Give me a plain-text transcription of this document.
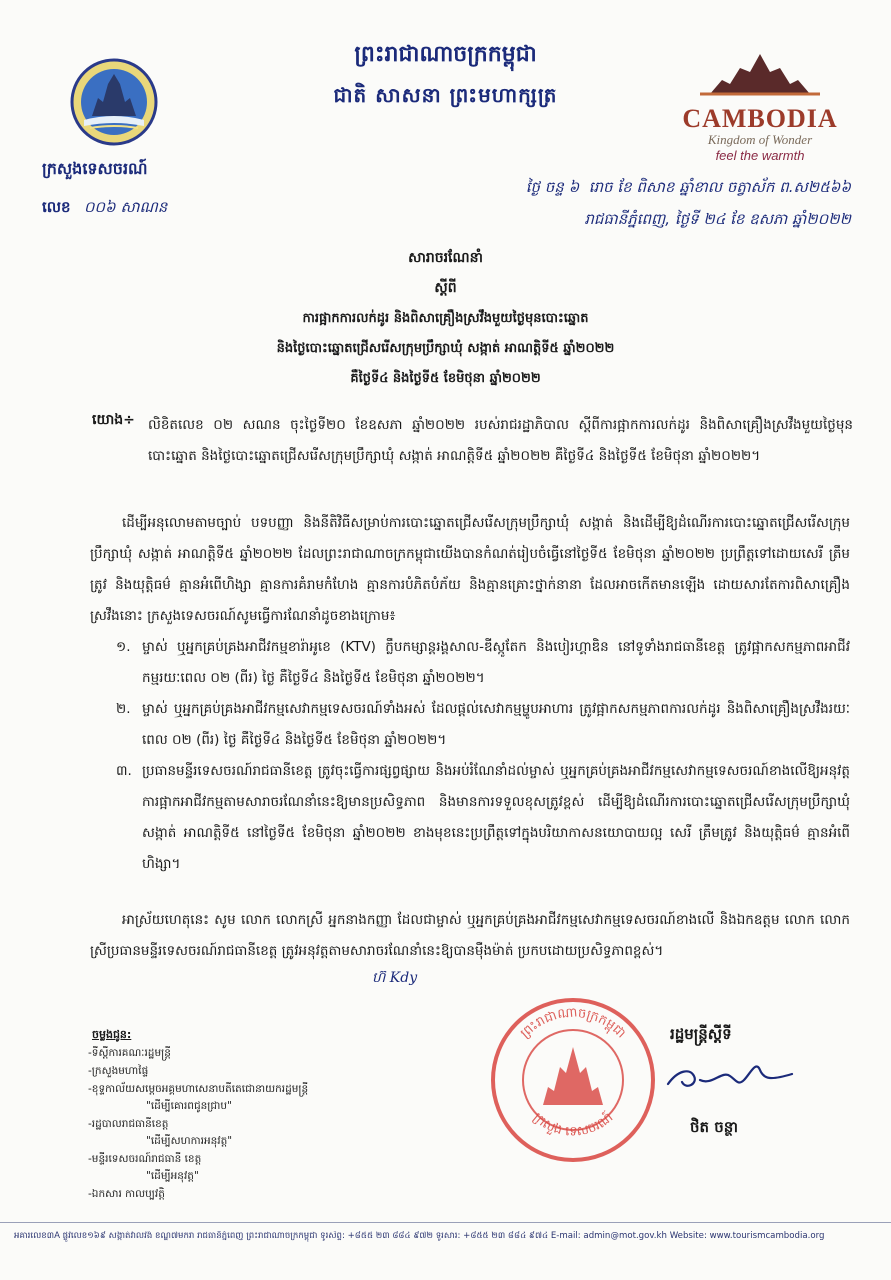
ព្រះរាជាណាចក្រកម្ពុជា
ជាតិ សាសនា ព្រះមហាក្សត្រ
ក្រសួងទេសចរណ៍
លេខ ០០៦ សាណន
CAMBODIA
Kingdom of Wonder
feel the warmth
ថ្ងៃ ចន្ទ ៦ ​ រោច ខែ ពិសាខ ឆ្នាំខាល ចត្វាស័ក ព.ស២៥៦៦
រាជធានីភ្នំពេញ, ថ្ងៃទី ២៤ ខែ ឧសភា ឆ្នាំ២០២២
សារាចរណែនាំ
ស្តីពី
ការផ្អាកការលក់ដូរ និងពិសាគ្រឿងស្រវឹងមួយថ្ងៃមុនបោះឆ្នោត
និងថ្ងៃបោះឆ្នោតជ្រើសរើសក្រុមប្រឹក្សាឃុំ សង្កាត់ អាណត្តិទី៥ ឆ្នាំ២០២២
គឺថ្ងៃទី៤ និងថ្ងៃទី៥ ខែមិថុនា ឆ្នាំ២០២២
យោង÷ លិខិតលេខ ០២ សណន ចុះថ្ងៃទី២០ ខែឧសភា ឆ្នាំ២០២២ របស់រាជរដ្ឋាភិបាល ស្តីពីការផ្អាកការលក់ដូរ និងពិសាគ្រឿងស្រវឹងមួយថ្ងៃមុនបោះឆ្នោត និងថ្ងៃបោះឆ្នោតជ្រើសរើសក្រុមប្រឹក្សាឃុំ សង្កាត់ អាណត្តិទី៥ ឆ្នាំ២០២២ គឺថ្ងៃទី៤ និងថ្ងៃទី៥ ខែមិថុនា ឆ្នាំ២០២២។
ដើម្បីអនុលោមតាមច្បាប់ បទបញ្ញា និងនីតិវិធីសម្រាប់ការបោះឆ្នោតជ្រើសរើសក្រុមប្រឹក្សាឃុំ សង្កាត់ និងដើម្បីឱ្យដំណើរការបោះឆ្នោតជ្រើសរើសក្រុមប្រឹក្សាឃុំ សង្កាត់ អាណត្តិទី៥ ឆ្នាំ២០២២ ដែលព្រះរាជាណាចក្រកម្ពុជាយើងបានកំណត់រៀបចំធ្វើនៅថ្ងៃទី៥ ខែមិថុនា ឆ្នាំ២០២២ ប្រព្រឹត្តទៅដោយសេរី ត្រឹមត្រូវ និងយុត្តិធម៌ គ្មានអំពើហិង្សា គ្មានការគំរាមកំហែង គ្មានការបំភិតបំភ័យ និងគ្មានគ្រោះថ្នាក់នានា ដែលអាចកើតមានឡើង ដោយសារតែការពិសាគ្រឿងស្រវឹងនោះ ក្រសួងទេសចរណ៍សូមធ្វើការណែនាំដូចខាងក្រោម៖
១. ម្ចាស់ ឬអ្នកគ្រប់គ្រងអាជីវកម្មខារ៉ាអូខេ (KTV) ក្លឹបកម្សាន្តរង្គសាល-ឌីស្កូតែក និងបៀរហ្គាឌិន នៅទូទាំងរាជធានីខេត្ត ត្រូវផ្អាកសកម្មភាពអាជីវកម្មរយៈពេល ០២ (ពីរ) ថ្ងៃ គឺថ្ងៃទី៤ និងថ្ងៃទី៥ ខែមិថុនា ឆ្នាំ២០២២។
២. ម្ចាស់ ឬអ្នកគ្រប់គ្រងអាជីវកម្មសេវាកម្មទេសចរណ៍ទាំងអស់ ដែលផ្តល់សេវាកម្មម្ហូបអាហារ ត្រូវផ្អាកសកម្មភាពការលក់ដូរ និងពិសាគ្រឿងស្រវឹងរយៈពេល ០២ (ពីរ) ថ្ងៃ គឺថ្ងៃទី៤ និងថ្ងៃទី៥ ខែមិថុនា ឆ្នាំ២០២២។
៣. ប្រធានមន្ទីរទេសចរណ៍រាជធានីខេត្ត ត្រូវចុះធ្វើការផ្សព្វផ្សាយ និងអប់រំណែនាំដល់ម្ចាស់ ឬអ្នកគ្រប់គ្រងអាជីវកម្មសេវាកម្មទេសចរណ៍ខាងលើឱ្យអនុវត្តការផ្អាកអាជីវកម្មតាមសារាចរណែនាំនេះឱ្យមានប្រសិទ្ធភាព និងមានការទទួលខុសត្រូវខ្ពស់ ដើម្បីឱ្យដំណើរការបោះឆ្នោតជ្រើសរើសក្រុមប្រឹក្សាឃុំ សង្កាត់ អាណត្តិទី៥ នៅថ្ងៃទី៥ ខែមិថុនា ឆ្នាំ២០២២ ខាងមុខនេះប្រព្រឹត្តទៅក្នុងបរិយាកាសនយោបាយល្អ សេរី ត្រឹមត្រូវ និងយុត្តិធម៌ គ្មានអំពើហិង្សា។
អាស្រ័យហេតុនេះ សូម លោក លោកស្រី អ្នកនាងកញ្ញា ដែលជាម្ចាស់ ឬអ្នកគ្រប់គ្រងអាជីវកម្មសេវាកម្មទេសចរណ៍ខាងលើ និងឯកឧត្តម លោក លោកស្រីប្រធានមន្ទីរទេសចរណ៍រាជធានីខេត្ត ត្រូវអនុវត្តតាមសារាចរណែនាំនេះឱ្យបានម៉ឺងម៉ាត់ ប្រកបដោយប្រសិទ្ធភាពខ្ពស់។
ហ៊ Kdy
ចម្លងជូន:
-ទីស្តីការគណៈរដ្ឋមន្ត្រី
-ក្រសួងមហាផ្ទៃ
-ខុទ្ទកាល័យសម្តេចអគ្គមហាសេនាបតីតេជោនាយករដ្ឋមន្ត្រី
"ដើម្បីគោរពជូនជ្រាប"
-រដ្ឋបាលរាជធានីខេត្ត
"ដើម្បីសហការអនុវត្ត"
-មន្ទីរទេសចរណ៍រាជធានី ខេត្ត
"ដើម្បីអនុវត្ត"
-ឯកសារ កាលប្បវត្តិ
ព្រះរាជាណាចក្រកម្ពុជា
ក្រសួង ទេសចរណ៍
រដ្ឋមន្ត្រីស្តីទី
ថិត ចន្ថា
អគារលេខ៣A ផ្លូវលេខ១៦៩ សង្កាត់វាលវង់ ខណ្ឌ៧មករា រាជធានីភ្នំពេញ ព្រះរាជាណាចក្រកម្ពុជា ទូរស័ព្ទ: +៨៥៥ ២៣ ៨៨៤ ៩៧២ ទូរសារ: +៨៥៥ ២៣ ៨៨៤ ៩៧៤ E-mail: admin@mot.gov.kh Website: www.tourismcambodia.org
